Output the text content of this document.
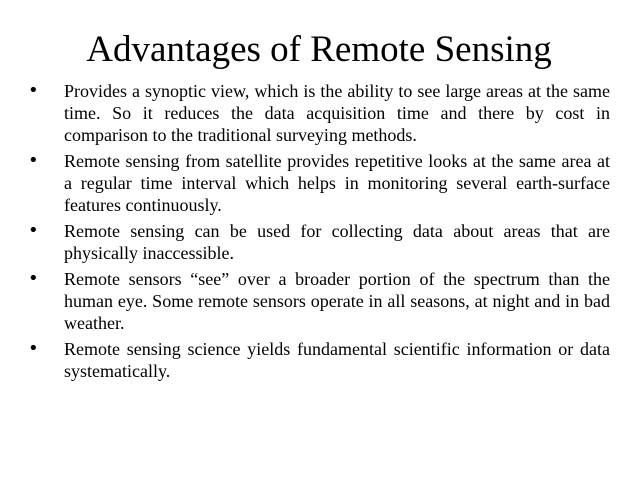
Advantages of Remote Sensing
•	Provides a synoptic view, which is the ability to see large areas at the same time. So it reduces the data acquisition time and there by cost in comparison to the traditional surveying methods.
•	Remote sensing from satellite provides repetitive looks at the same area at a regular time interval which helps in monitoring several earth-surface features continuously.
•	Remote sensing can be used for collecting data about areas that are physically inaccessible.
•	Remote sensors “see” over a broader portion of the spectrum than the human eye. Some remote sensors operate in all seasons, at night and in bad weather.
•	Remote sensing science yields fundamental scientific information or data systematically.
